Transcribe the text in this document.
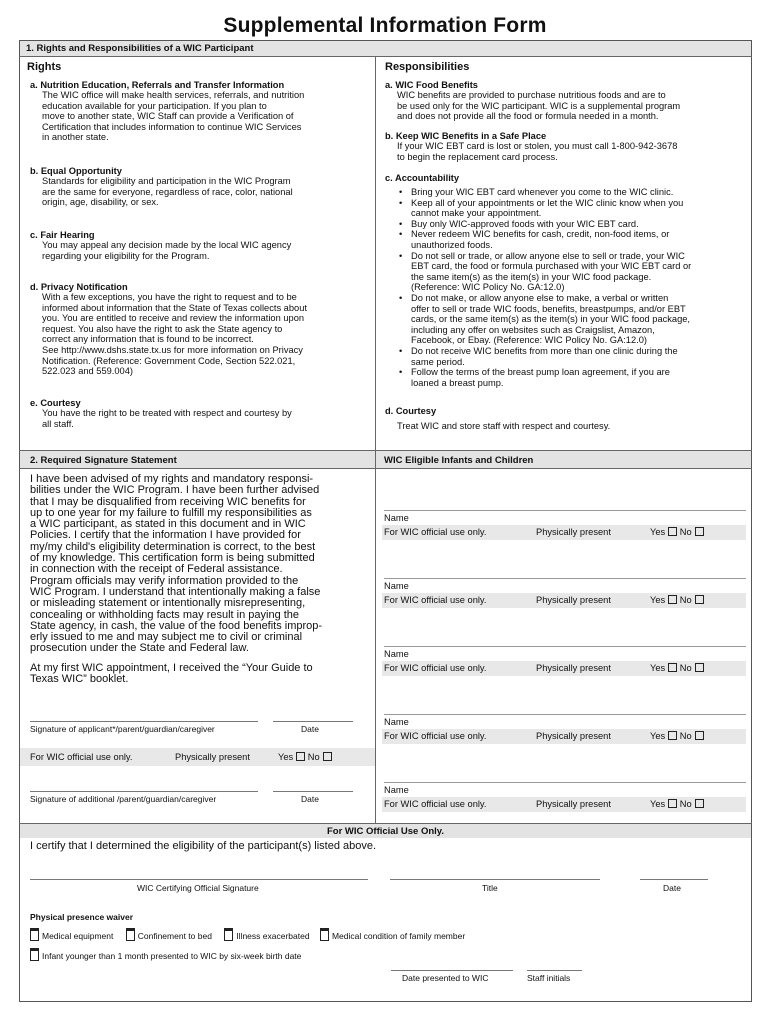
Supplemental Information Form
1. Rights and Responsibilities of a WIC Participant
Rights
a. Nutrition Education, Referrals and Transfer Information
The WIC office will make health services, referrals, and nutrition
education available for your participation. If you plan to
move to another state, WIC Staff can provide a Verification of
Certification that includes information to continue WIC Services
in another state.
b. Equal Opportunity
Standards for eligibility and participation in the WIC Program
are the same for everyone, regardless of race, color, national
origin, age, disability, or sex.
c. Fair Hearing
You may appeal any decision made by the local WIC agency
regarding your eligibility for the Program.
d. Privacy Notification
With a few exceptions, you have the right to request and to be
informed about information that the State of Texas collects about
you. You are entitled to receive and review the information upon
request. You also have the right to ask the State agency to
correct any information that is found to be incorrect.
See http://www.dshs.state.tx.us for more information on Privacy
Notification. (Reference: Government Code, Section 522.021,
522.023 and 559.004)
e. Courtesy
You have the right to be treated with respect and courtesy by
all staff.
Responsibilities
a. WIC Food Benefits
WIC benefits are provided to purchase nutritious foods and are to
be used only for the WIC participant. WIC is a supplemental program
and does not provide all the food or formula needed in a month.
b. Keep WIC Benefits in a Safe Place
If your WIC EBT card is lost or stolen, you must call 1-800-942-3678
to begin the replacement card process.
c. Accountability
• Bring your WIC EBT card whenever you come to the WIC clinic.
• Keep all of your appointments or let the WIC clinic know when you
cannot make your appointment.
• Buy only WIC-approved foods with your WIC EBT card.
• Never redeem WIC benefits for cash, credit, non-food items, or
unauthorized foods.
• Do not sell or trade, or allow anyone else to sell or trade, your WIC
EBT card, the food or formula purchased with your WIC EBT card or
the same item(s) as the item(s) in your WIC food package.
(Reference: WIC Policy No. GA:12.0)
• Do not make, or allow anyone else to make, a verbal or written
offer to sell or trade WIC foods, benefits, breastpumps, and/or EBT
cards, or the same item(s) as the item(s) in your WIC food package,
including any offer on websites such as Craigslist, Amazon,
Facebook, or Ebay. (Reference: WIC Policy No. GA:12.0)
• Do not receive WIC benefits from more than one clinic during the
same period.
• Follow the terms of the breast pump loan agreement, if you are
loaned a breast pump.
d. Courtesy
Treat WIC and store staff with respect and courtesy.
2. Required Signature Statement	WIC Eligible Infants and Children
I have been advised of my rights and mandatory responsi-
bilities under the WIC Program. I have been further advised
that I may be disqualified from receiving WIC benefits for
up to one year for my failure to fulfill my responsibilities as
a WIC participant, as stated in this document and in WIC
Policies. I certify that the information I have provided for
my/my child's eligibility determination is correct, to the best
of my knowledge. This certification form is being submitted
in connection with the receipt of Federal assistance.
Program officials may verify information provided to the
WIC Program. I understand that intentionally making a false
or misleading statement or intentionally misrepresenting,
concealing or withholding facts may result in paying the
State agency, in cash, the value of the food benefits improp-
erly issued to me and may subject me to civil or criminal
prosecution under the State and Federal law.
At my first WIC appointment, I received the “Your Guide to
Texas WIC” booklet.
Signature of applicant*/parent/guardian/caregiver	Date
For WIC official use only.	Physically present	Yes No
Signature of additional /parent/guardian/caregiver	Date
Name
For WIC official use only.	Physically present	Yes No
Name
For WIC official use only.	Physically present	Yes No
Name
For WIC official use only.	Physically present	Yes No
Name
For WIC official use only.	Physically present	Yes No
Name
For WIC official use only.	Physically present	Yes No
For WIC Official Use Only.
I certify that I determined the eligibility of the participant(s) listed above.
WIC Certifying Official Signature	Title	Date
Physical presence waiver
Medical equipment	Confinement to bed	Illness exacerbated	Medical condition of family member
Infant younger than 1 month presented to WIC by six-week birth date
Date presented to WIC	Staff initials
